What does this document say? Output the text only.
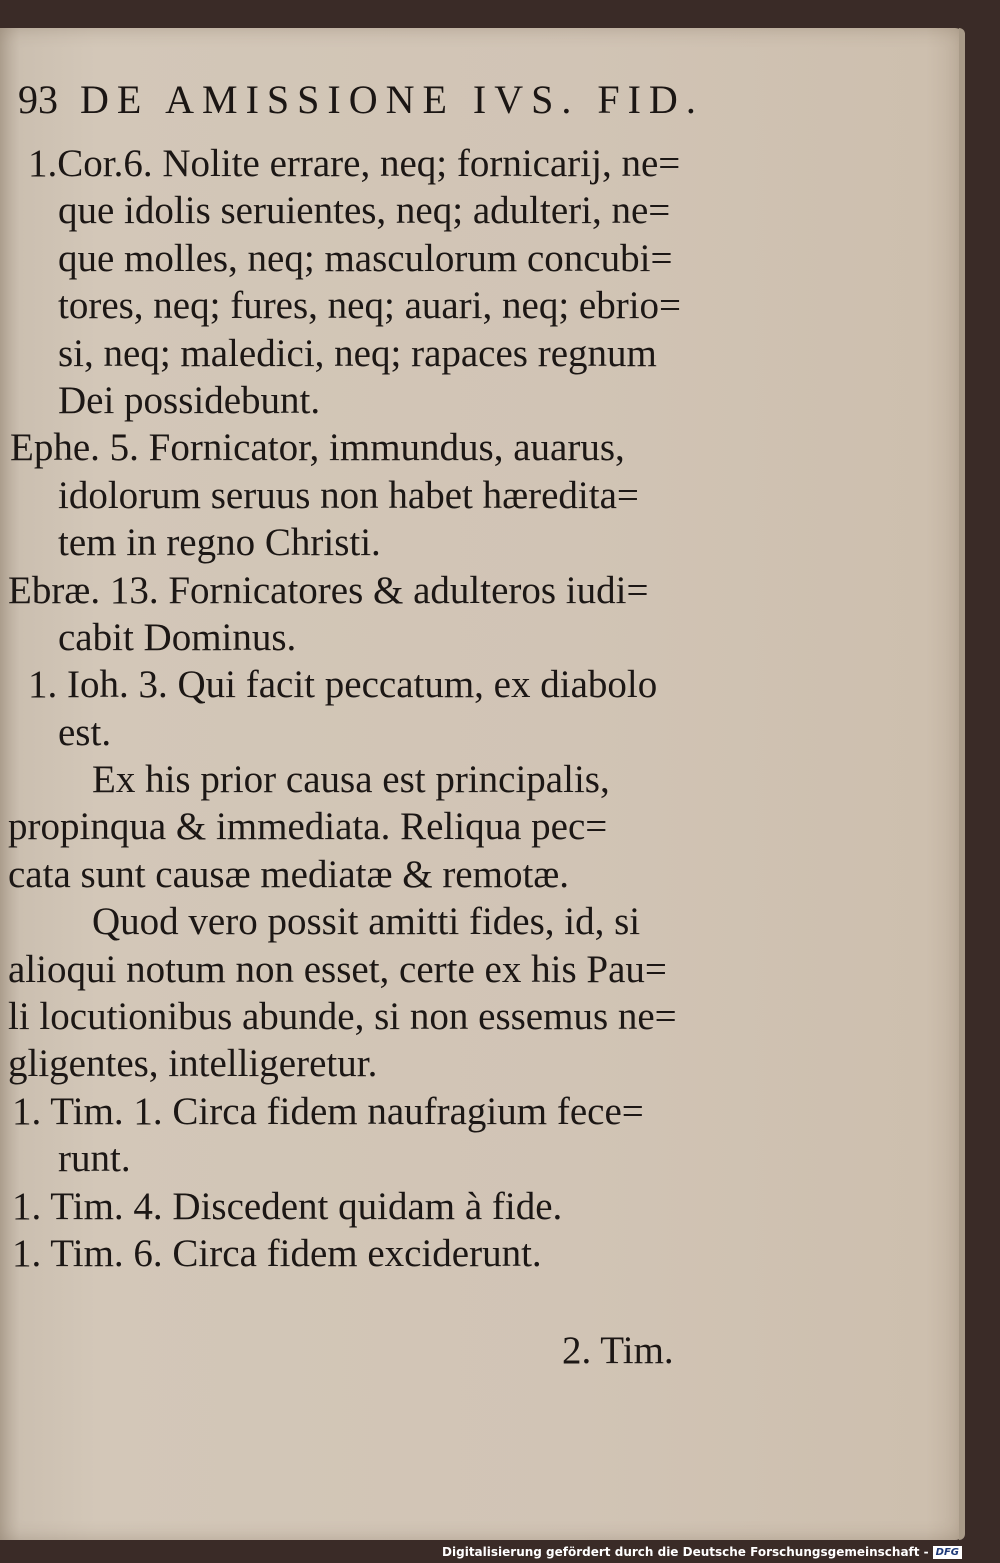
93 DE AMISSIONE IVS. FID.
1.Cor.6. Nolite errare, neq; fornicarij, ne=
que idolis seruientes, neq; adulteri, ne=
que molles, neq; masculorum concubi=
tores, neq; fures, neq; auari, neq; ebrio=
si, neq; maledici, neq; rapaces regnum
Dei possidebunt.
Ephe. 5. Fornicator, immundus, auarus,
idolorum seruus non habet hæredita=
tem in regno Christi.
Ebræ. 13. Fornicatores & adulteros iudi=
cabit Dominus.
1. Ioh. 3. Qui facit peccatum, ex diabolo
est.
Ex his prior causa est principalis,
propinqua & immediata. Reliqua pec=
cata sunt causæ mediatæ & remotæ.
Quod vero possit amitti fides, id, si
alioqui notum non esset, certe ex his Pau=
li locutionibus abunde, si non essemus ne=
gligentes, intelligeretur.
1. Tim. 1. Circa fidem naufragium fece=
runt.
1. Tim. 4. Discedent quidam à fide.
1. Tim. 6. Circa fidem exciderunt.
2. Tim.
Digitalisierung gefördert durch die Deutsche Forschungsgemeinschaft - DFG
